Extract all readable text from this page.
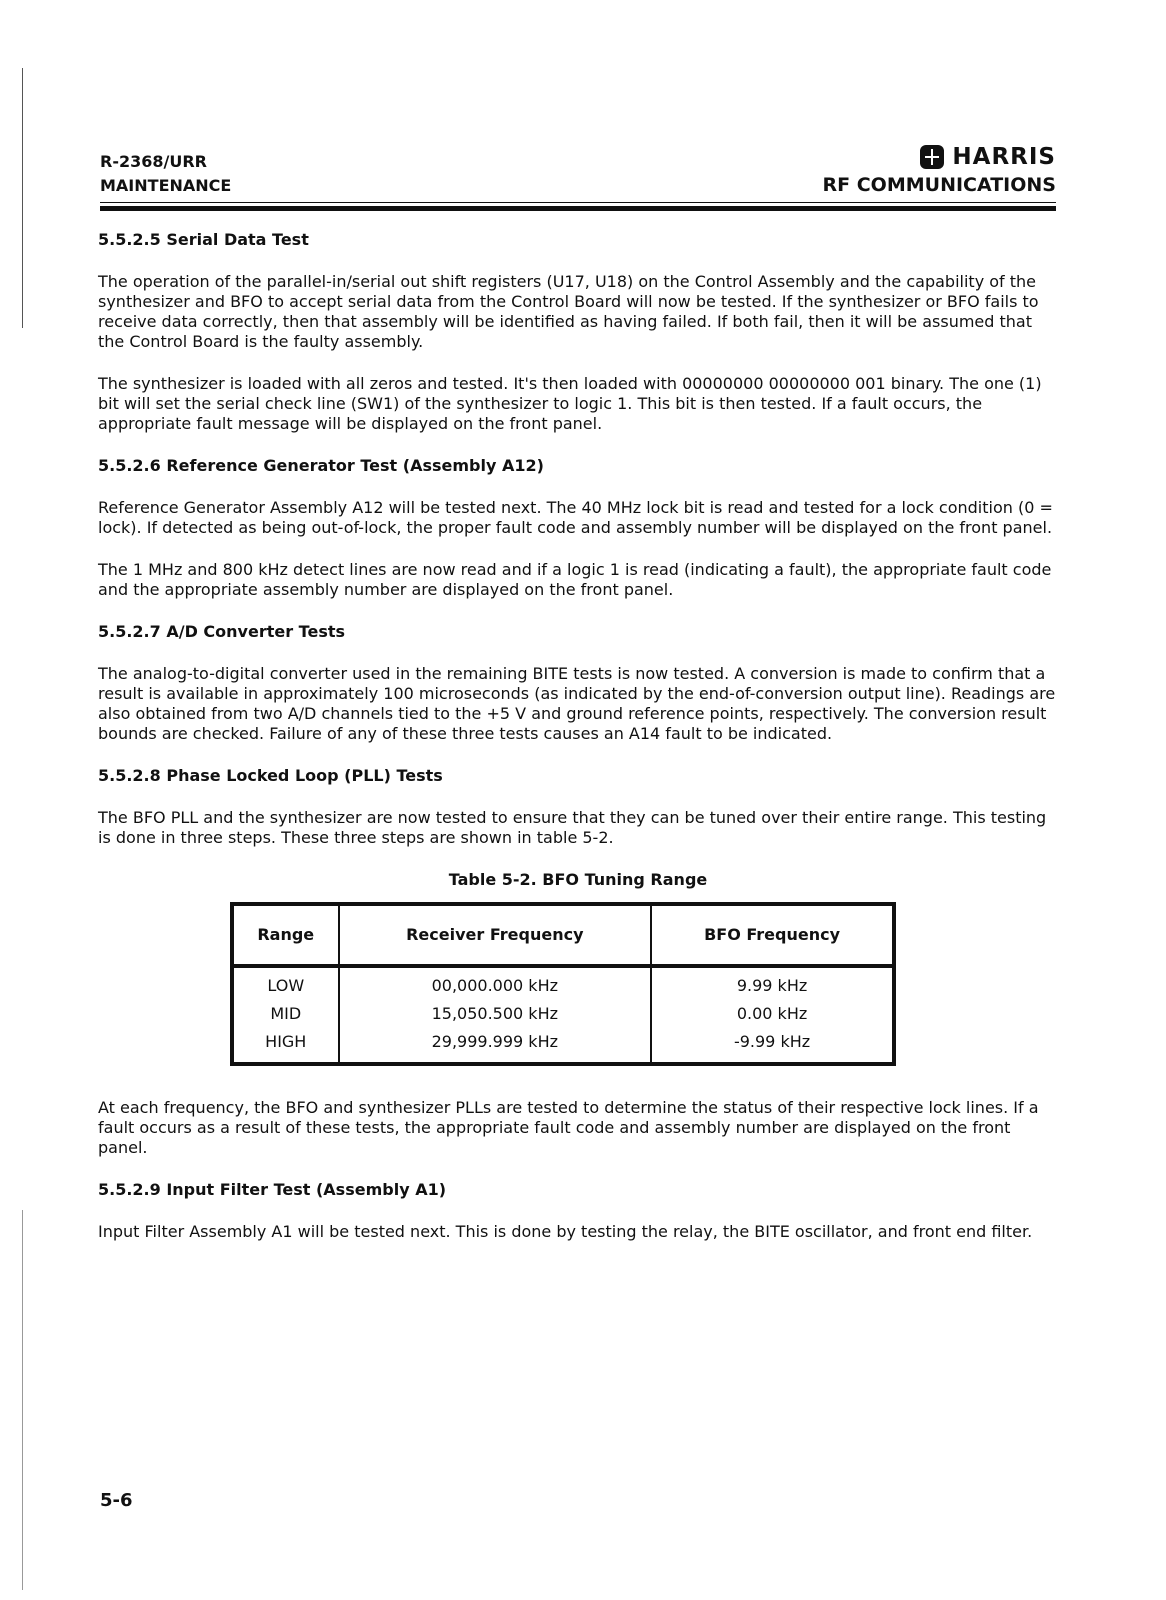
R-2368/URR
MAINTENANCE
HARRIS
RF COMMUNICATIONS
5.5.2.5 Serial Data Test

The operation of the parallel-in/serial out shift registers (U17, U18) on the Control Assembly and the capability of the synthesizer and BFO to accept serial data from the Control Board will now be tested. If the synthesizer or BFO fails to receive data correctly, then that assembly will be identified as having failed. If both fail, then it will be assumed that the Control Board is the faulty assembly.

The synthesizer is loaded with all zeros and tested. It's then loaded with 00000000 00000000 001 binary. The one (1) bit will set the serial check line (SW1) of the synthesizer to logic 1. This bit is then tested. If a fault occurs, the appropriate fault message will be displayed on the front panel.

5.5.2.6 Reference Generator Test (Assembly A12)

Reference Generator Assembly A12 will be tested next. The 40 MHz lock bit is read and tested for a lock condition (0 = lock). If detected as being out-of-lock, the proper fault code and assembly number will be displayed on the front panel.

The 1 MHz and 800 kHz detect lines are now read and if a logic 1 is read (indicating a fault), the appropriate fault code and the appropriate assembly number are displayed on the front panel.

5.5.2.7 A/D Converter Tests

The analog-to-digital converter used in the remaining BITE tests is now tested. A conversion is made to confirm that a result is available in approximately 100 microseconds (as indicated by the end-of-conversion output line). Readings are also obtained from two A/D channels tied to the +5 V and ground reference points, respectively. The conversion result bounds are checked. Failure of any of these three tests causes an A14 fault to be indicated.

5.5.2.8 Phase Locked Loop (PLL) Tests

The BFO PLL and the synthesizer are now tested to ensure that they can be tuned over their entire range. This testing is done in three steps. These three steps are shown in table 5-2.

Table 5-2. BFO Tuning Range
Range	Receiver Frequency	BFO Frequency
LOW	00,000.000 kHz	9.99 kHz
MID	15,050.500 kHz	0.00 kHz
HIGH	29,999.999 kHz	-9.99 kHz

At each frequency, the BFO and synthesizer PLLs are tested to determine the status of their respective lock lines. If a fault occurs as a result of these tests, the appropriate fault code and assembly number are displayed on the front panel.

5.5.2.9 Input Filter Test (Assembly A1)

Input Filter Assembly A1 will be tested next. This is done by testing the relay, the BITE oscillator, and front end filter.

5-6
